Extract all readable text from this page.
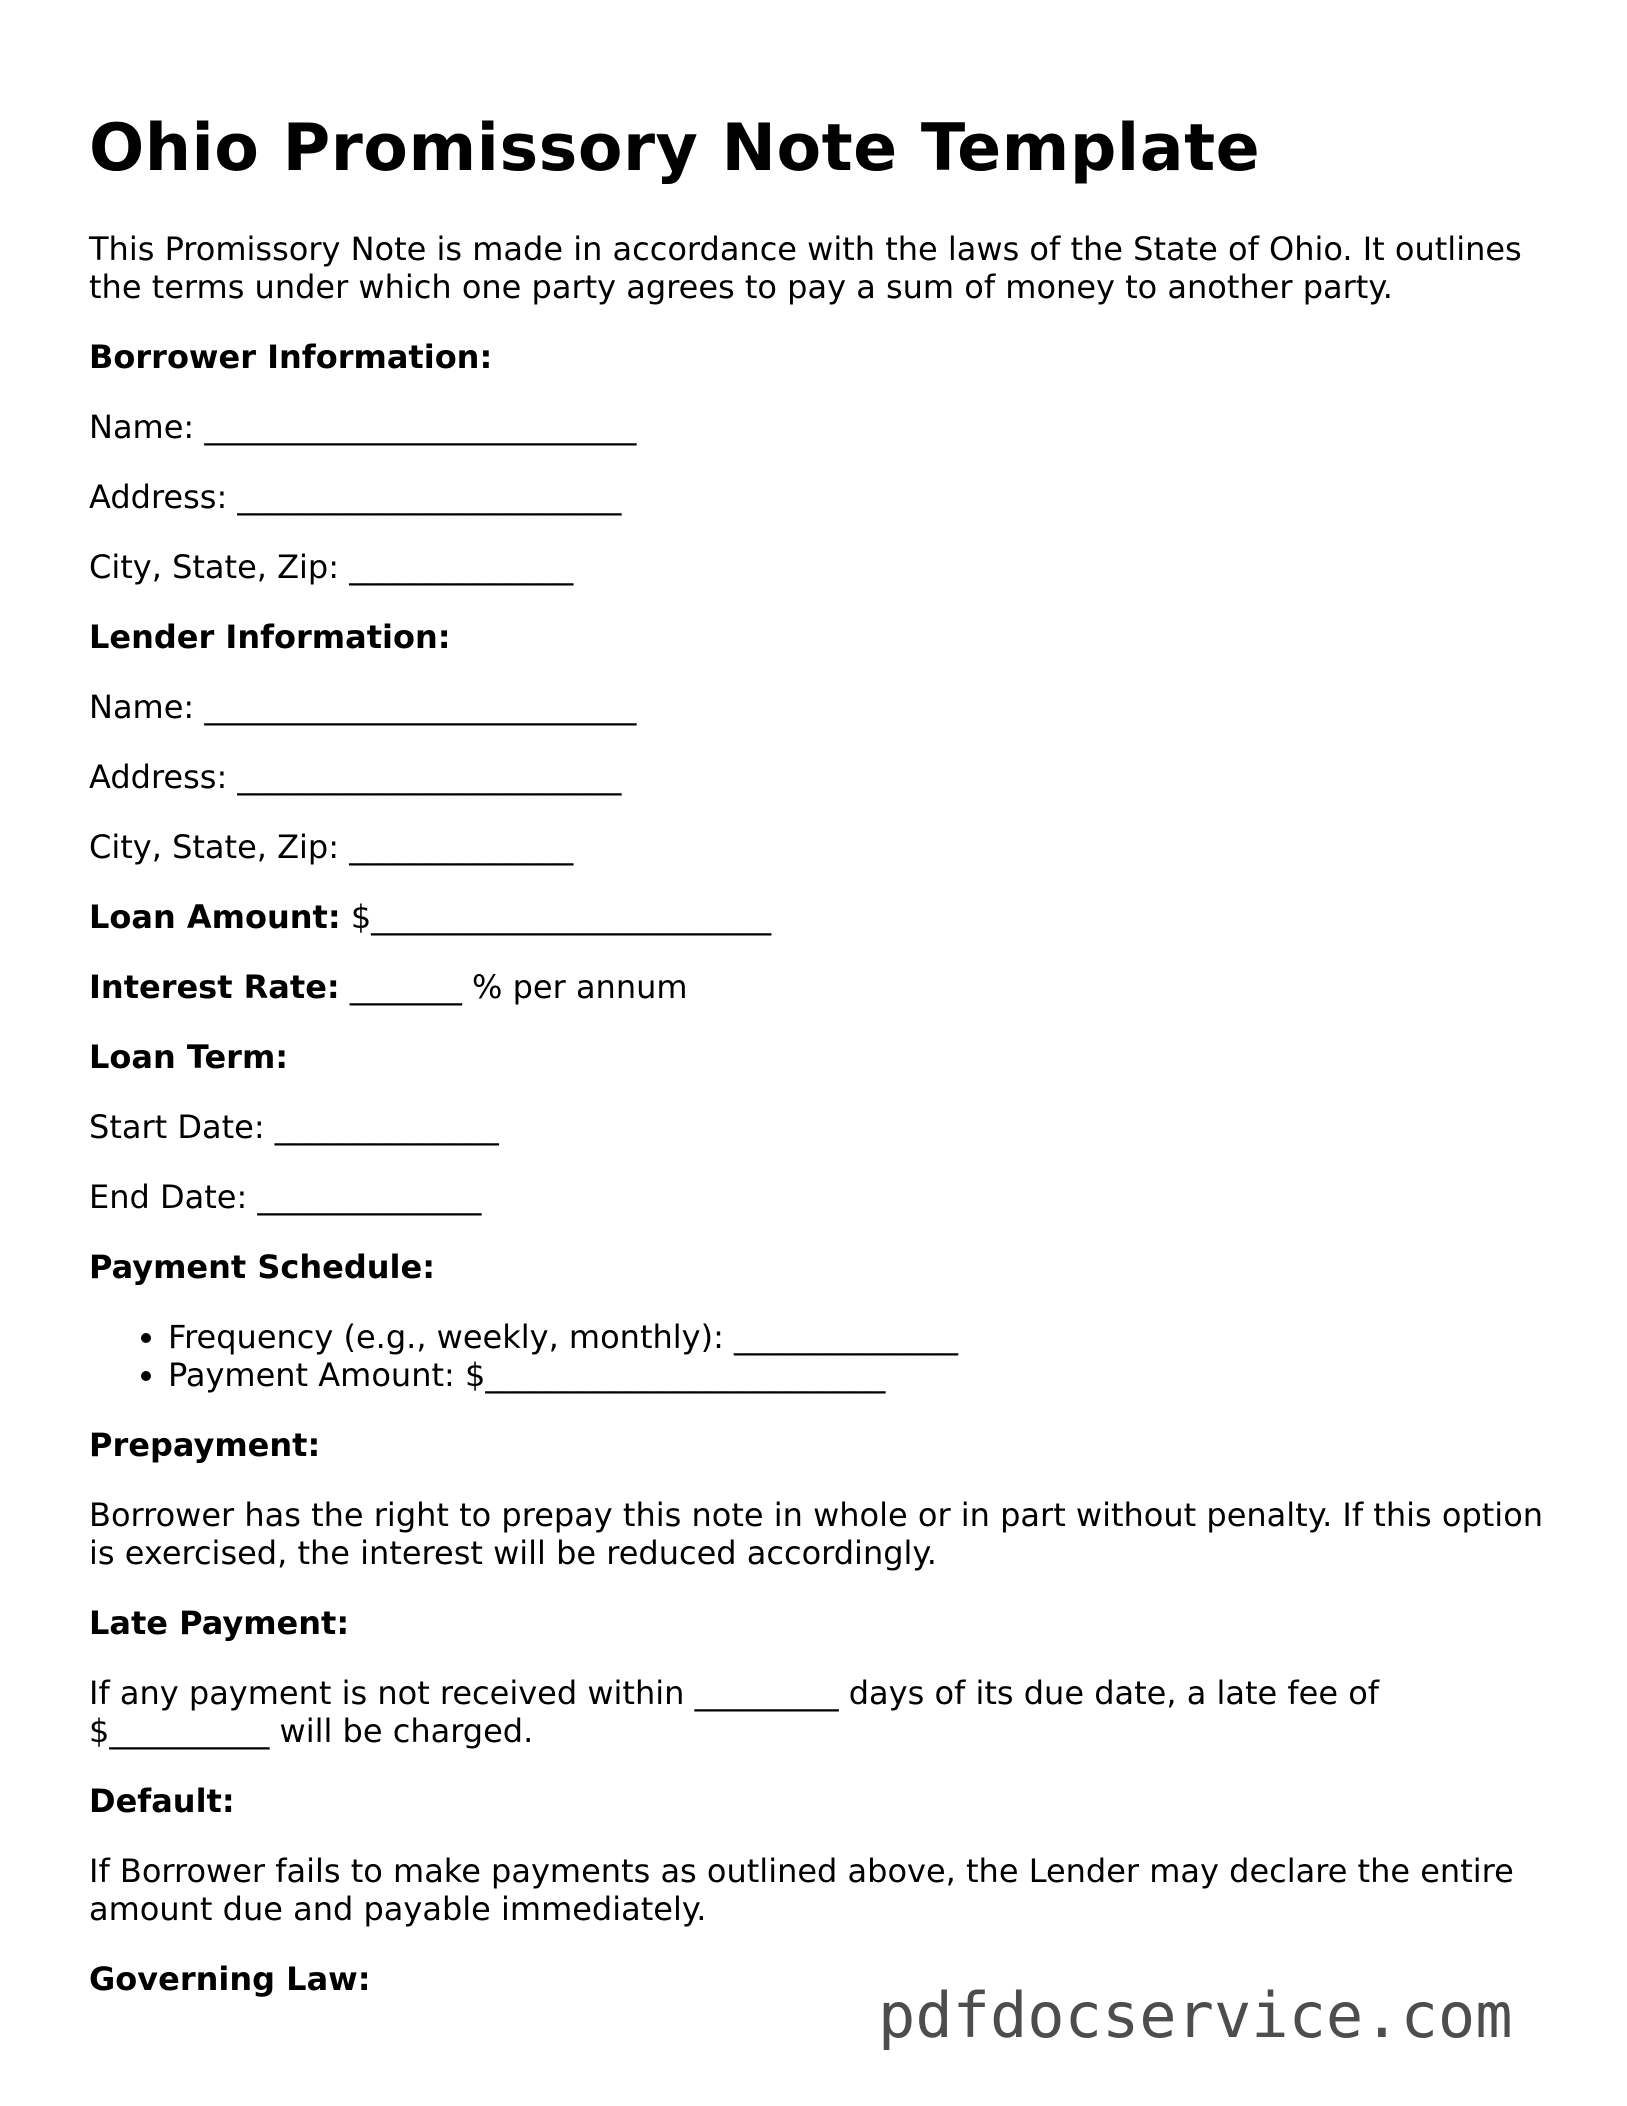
Ohio Promissory Note Template

This Promissory Note is made in accordance with the laws of the State of Ohio. It outlines the terms under which one party agrees to pay a sum of money to another party.

Borrower Information:

Name: ___________________________

Address: ________________________

City, State, Zip: ______________

Lender Information:

Name: ___________________________

Address: ________________________

City, State, Zip: ______________

Loan Amount: $_________________________

Interest Rate: _______ % per annum

Loan Term:

Start Date: ______________

End Date: ______________

Payment Schedule:

• Frequency (e.g., weekly, monthly): ______________
• Payment Amount: $_________________________

Prepayment:

Borrower has the right to prepay this note in whole or in part without penalty. If this option is exercised, the interest will be reduced accordingly.

Late Payment:

If any payment is not received within _________ days of its due date, a late fee of
$__________ will be charged.

Default:

If Borrower fails to make payments as outlined above, the Lender may declare the entire amount due and payable immediately.

Governing Law:	pdfdocservice.com
